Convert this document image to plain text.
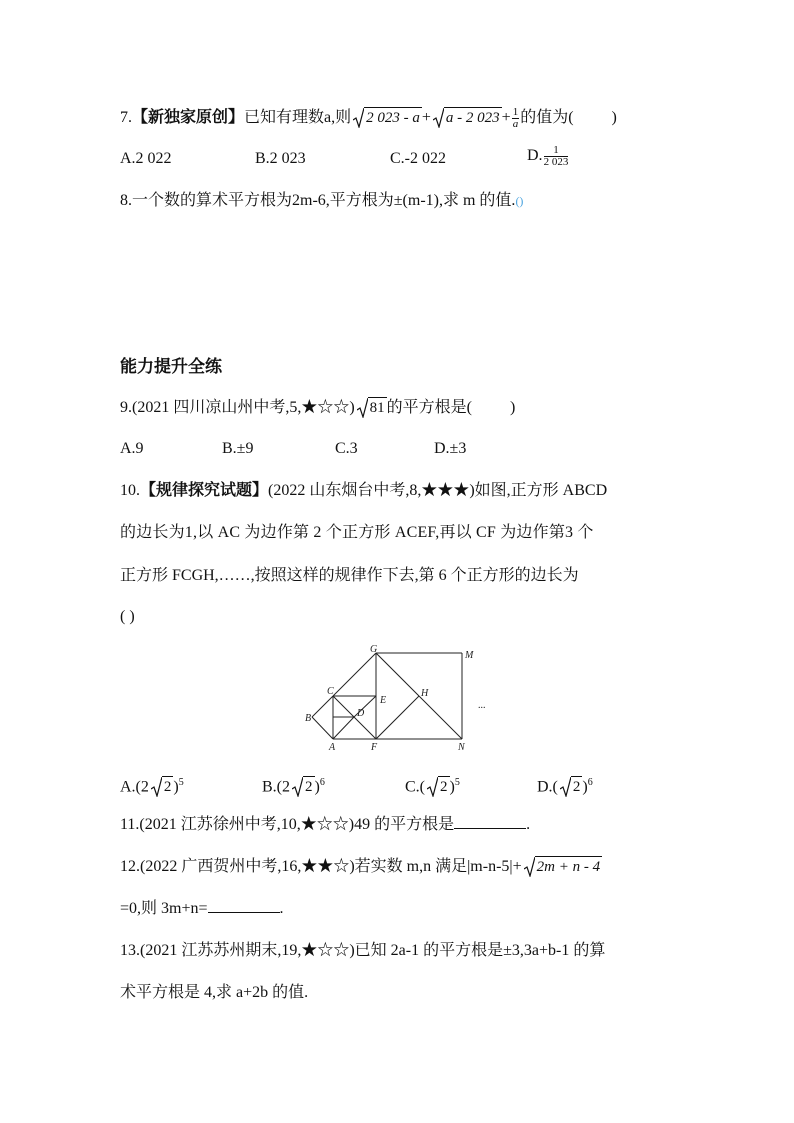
7.【新独家原创】已知有理数a,则 2 023 - a + a - 2 $023 + \frac{1}{a}$ 的值为( )
A.2 022	B.2 023	C.-2 022	D. $\frac{1}{2 023}$
8.一个数的算术平方根为2m-6,平方根为±(m-1),求 m 的值.()
能力提升全练
9.(2021 四川凉山州中考,5,★☆☆) 81 的平方根是( )
A.9	B.±9	C.3	D.±3
10.【规律探究试题】(2022 山东烟台中考,8,★★★)如图,正方形 ABCD
的边长为1,以 AC 为边作第 2 个正方形 ACEF,再以 CF 为边作第3 个
正方形 FCGH,……,按照这样的规律作下去,第 6 个正方形的边长为
( )
G
M
C
E
H
B	D
A	F	N
...
A.(2 2 )$^5$	B.(2 2 )$^6$	C.( 2 )$^5$	D.( 2 )$^6$
11.(2021 江苏徐州中考,10,★☆☆)49 的平方根是	.
12.(2022 广西贺州中考,16,★★☆)若实数 m,n 满足|m-n-5|+ 2m + n - 4
=0,则 3m+n=	.
13.(2021 江苏苏州期末,19,★☆☆)已知 2a-1 的平方根是±3,3a+b-1 的算
术平方根是 4,求 a+2b 的值.
